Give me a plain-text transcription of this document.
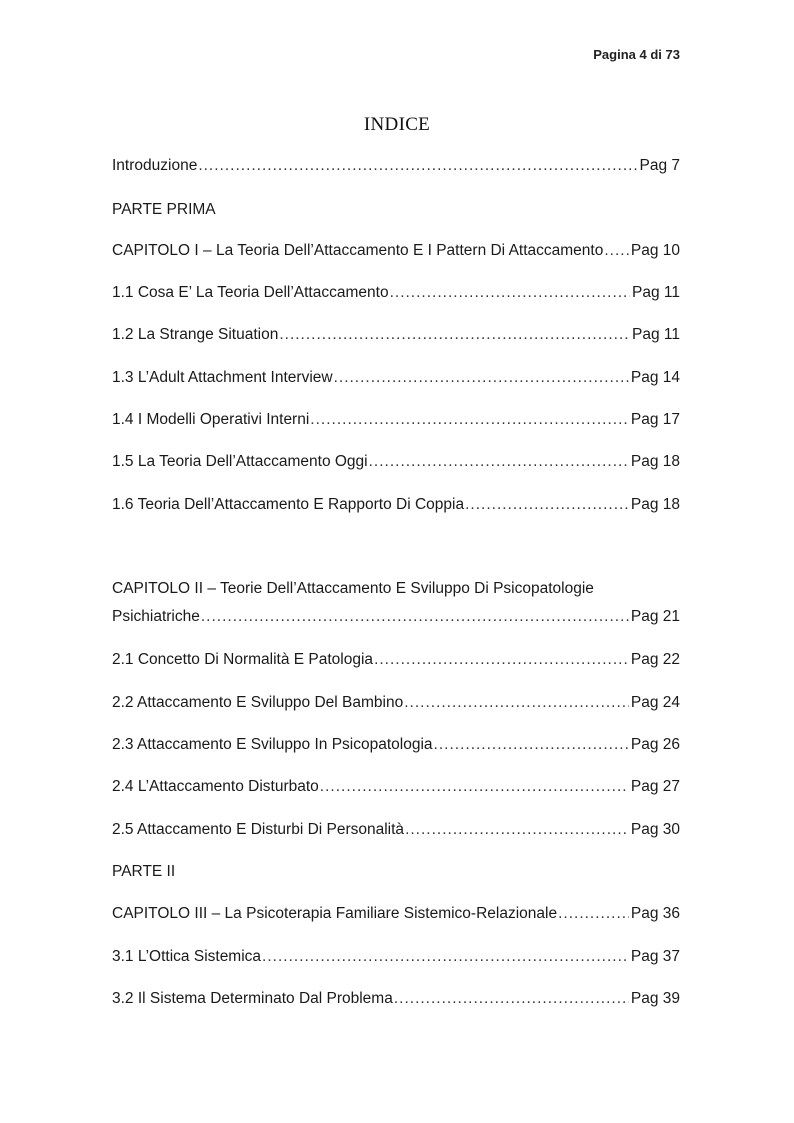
Pagina 4 di 73
INDICE
Introduzione .....	Pag 7
PARTE PRIMA
CAPITOLO I – La Teoria Dell’Attaccamento E I Pattern Di Attaccamento ..... Pag 10
1.1 Cosa E’ La Teoria Dell’Attaccamento .....	Pag 11
1.2 La Strange Situation .....	Pag 11
1.3 L’Adult Attachment Interview .....	Pag 14
1.4 I Modelli Operativi Interni .....	Pag 17
1.5 La Teoria Dell’Attaccamento Oggi .....	Pag 18
1.6 Teoria Dell’Attaccamento E Rapporto Di Coppia .....	Pag 18
CAPITOLO II – Teorie Dell’Attaccamento E Sviluppo Di Psicopatologie
Psichiatriche .....	Pag 21
2.1 Concetto Di Normalità E Patologia .....	Pag 22
2.2 Attaccamento E Sviluppo Del Bambino .....	Pag 24
2.3 Attaccamento E Sviluppo In Psicopatologia .....	Pag 26
2.4 L’Attaccamento Disturbato .....	Pag 27
2.5 Attaccamento E Disturbi Di Personalità .....	Pag 30
PARTE II
CAPITOLO III – La Psicoterapia Familiare Sistemico-Relazionale .....	Pag 36
3.1 L’Ottica Sistemica .....	Pag 37
3.2 Il Sistema Determinato Dal Problema .....	Pag 39
